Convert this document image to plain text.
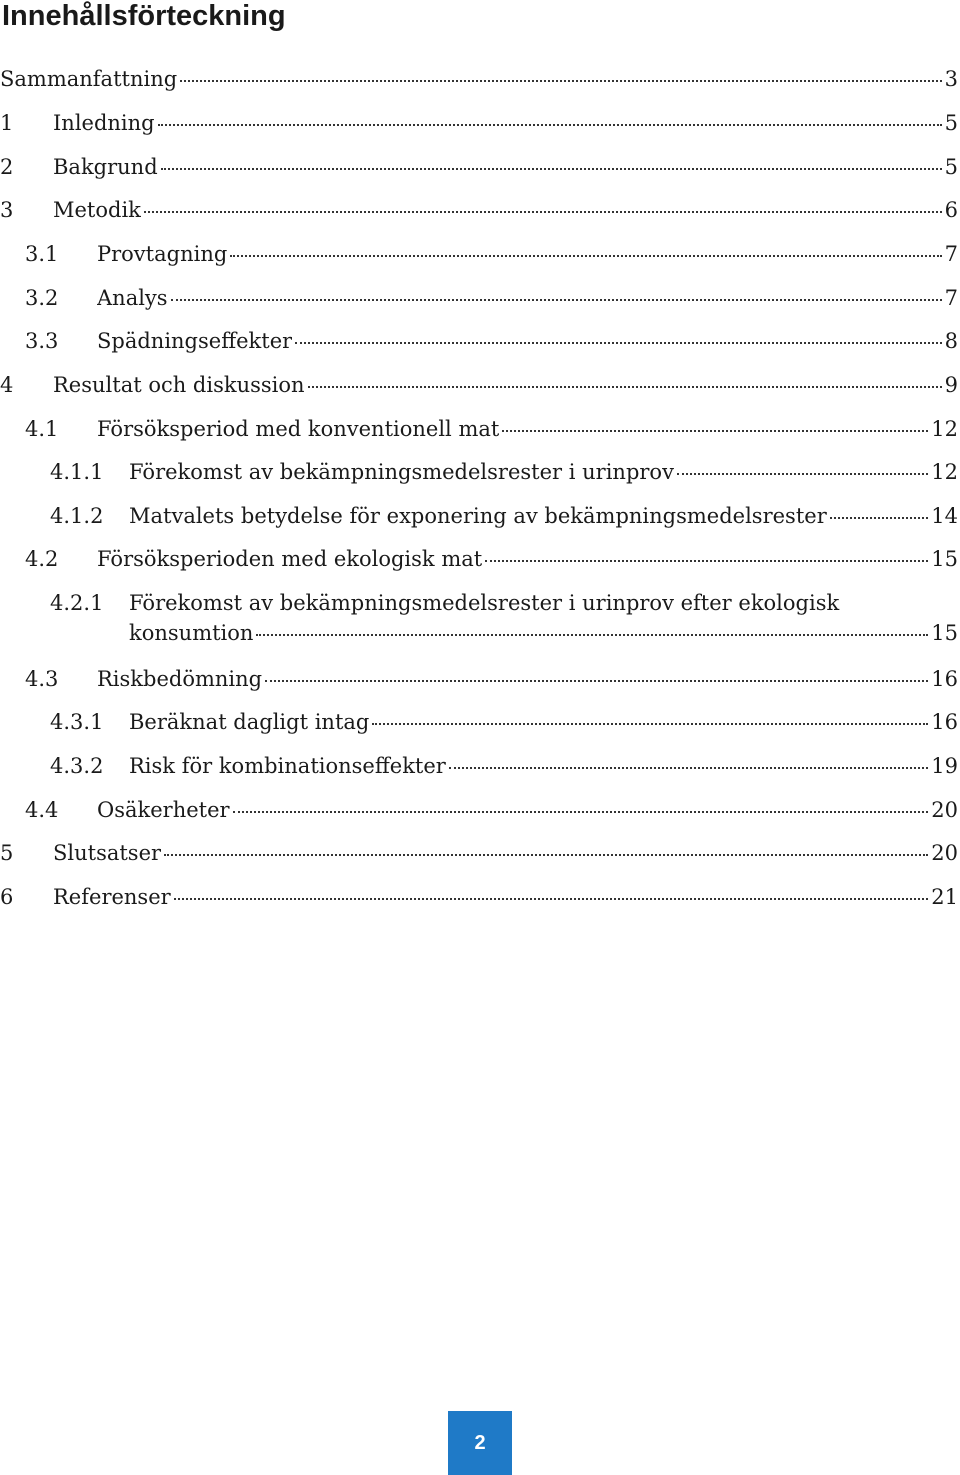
Innehållsförteckning
Sammanfattning	3
1	Inledning	5
2	Bakgrund	5
3	Metodik	6
3.1	Provtagning	7
3.2	Analys	7
3.3	Spädningseffekter	8
4	Resultat och diskussion	9
4.1	Försöksperiod med konventionell mat	12
4.1.1	Förekomst av bekämpningsmedelsrester i urinprov	12
4.1.2	Matvalets betydelse för exponering av bekämpningsmedelsrester	14
4.2	Försöksperioden med ekologisk mat	15
4.2.1	Förekomst av bekämpningsmedelsrester i urinprov efter ekologisk
konsumtion	15
4.3	Riskbedömning	16
4.3.1	Beräknat dagligt intag	16
4.3.2	Risk för kombinationseffekter	19
4.4	Osäkerheter	20
5	Slutsatser	20
6	Referenser	21
2
